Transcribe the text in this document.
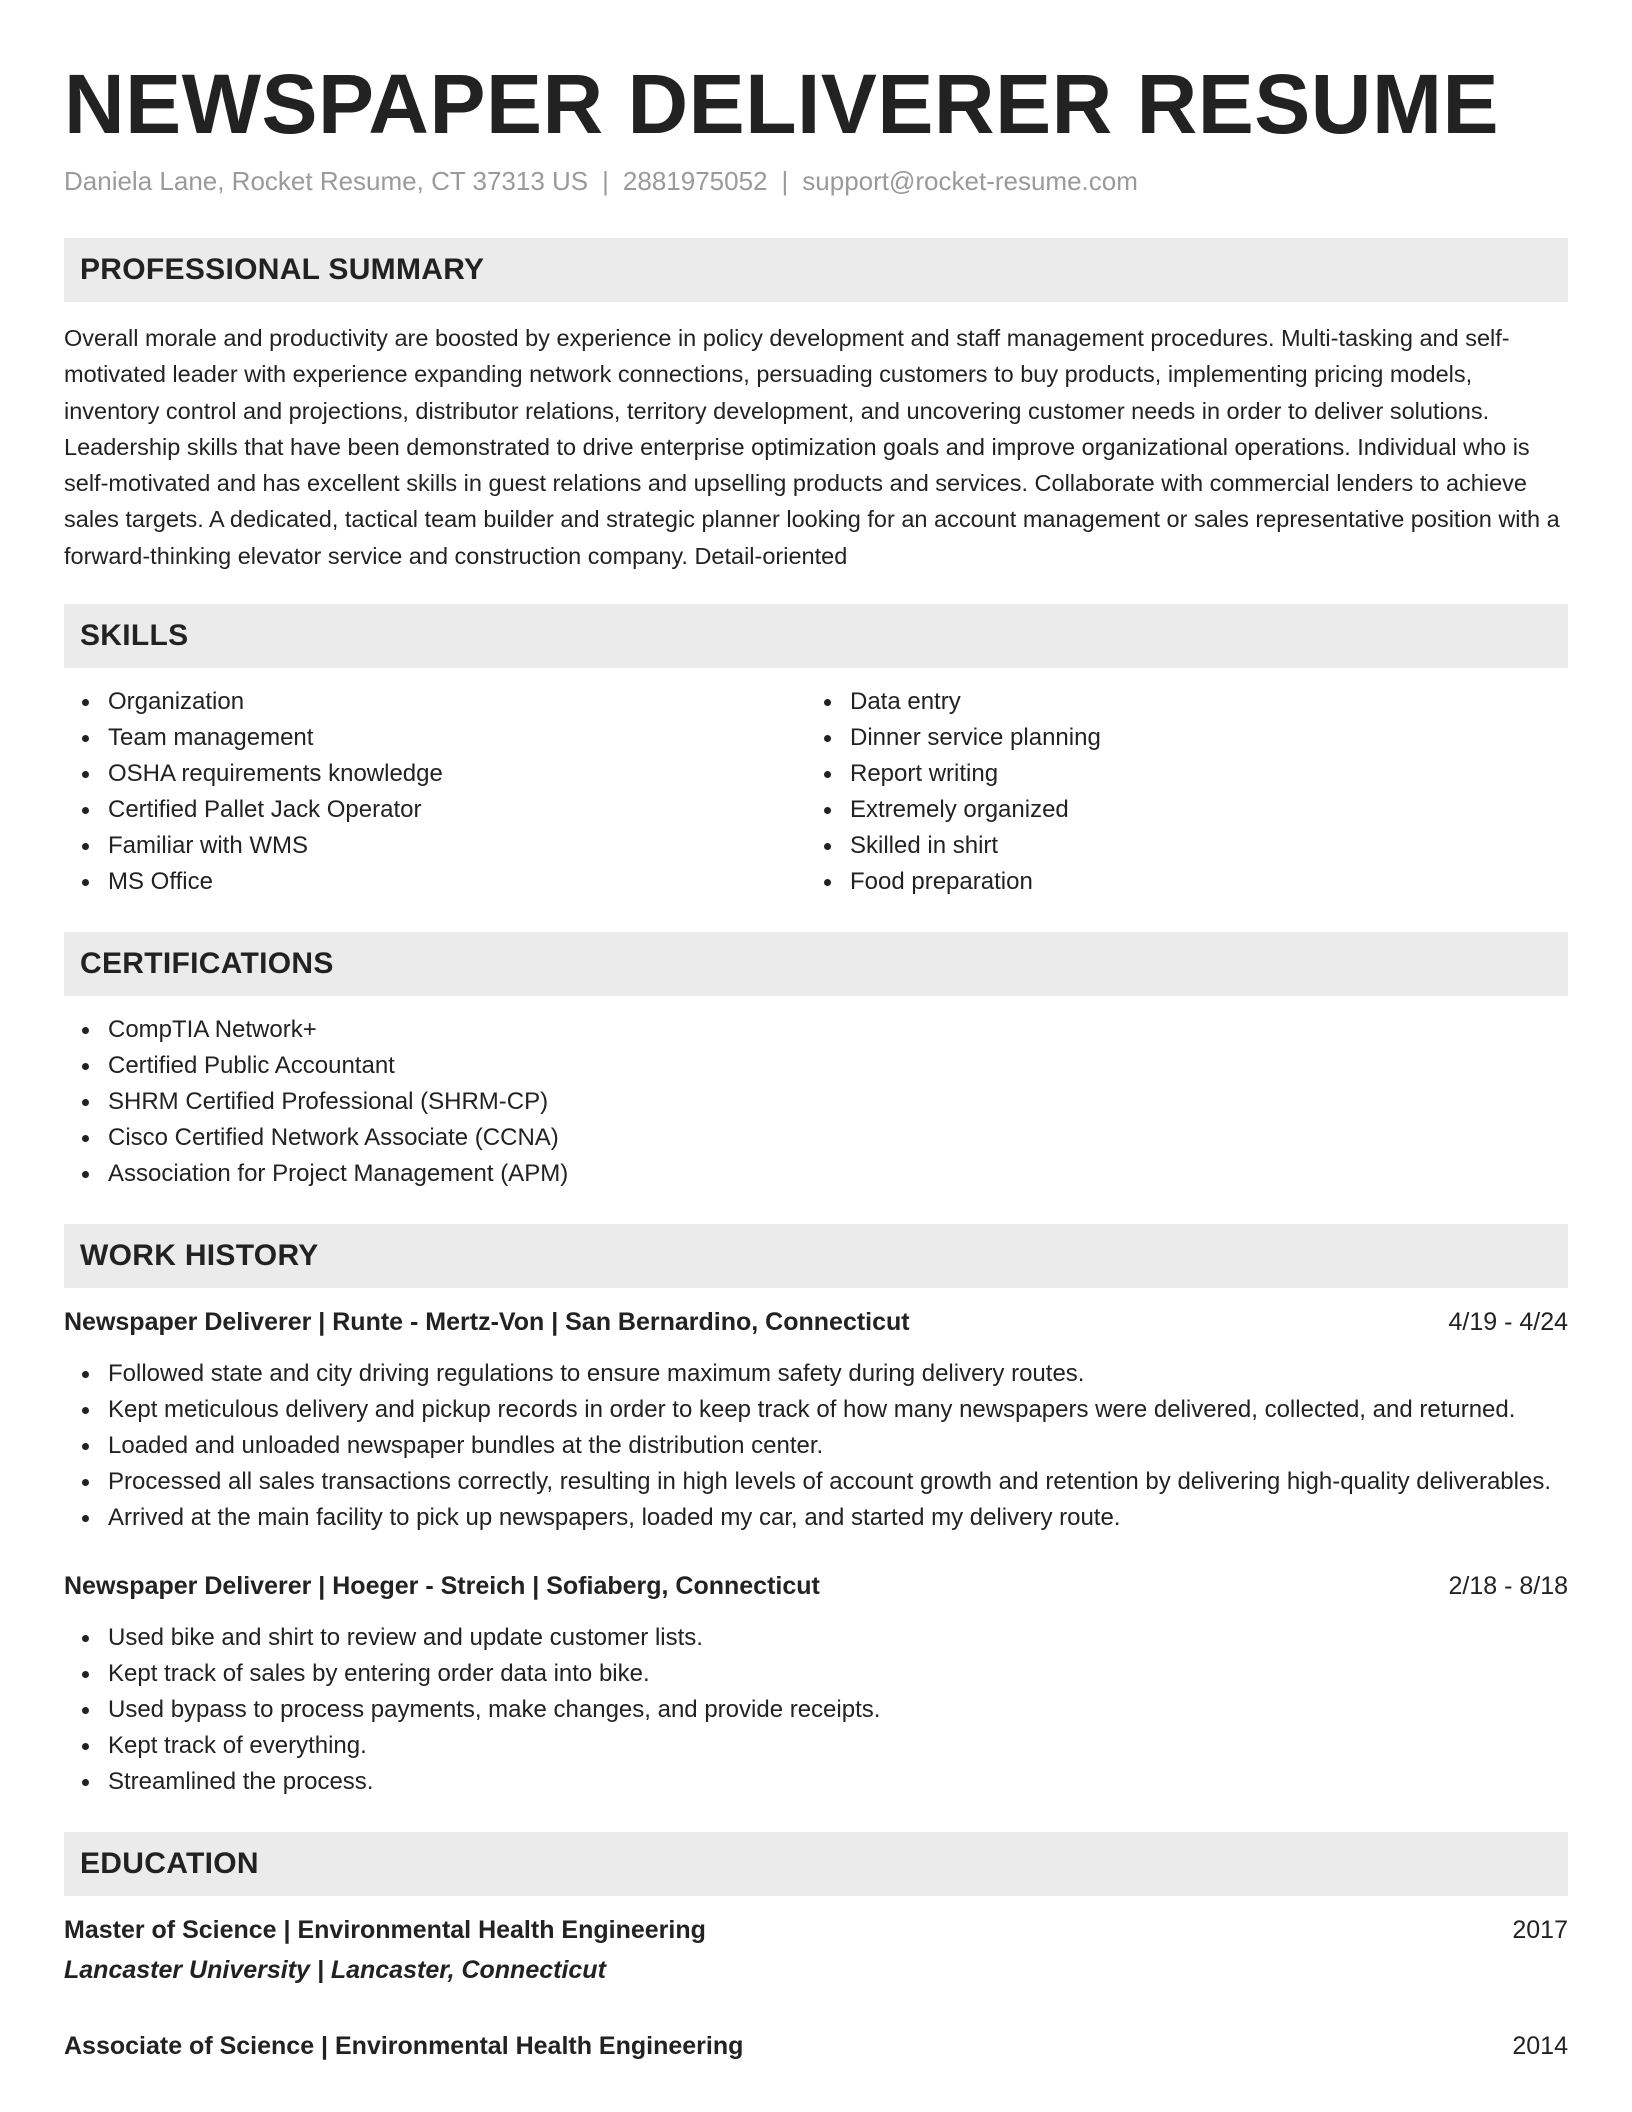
NEWSPAPER DELIVERER RESUME
Daniela Lane, Rocket Resume, CT 37313 US | 2881975052 | support@rocket-resume.com
PROFESSIONAL SUMMARY

Overall morale and productivity are boosted by experience in policy development and staff management procedures. Multi-tasking and self-motivated leader with experience expanding network connections, persuading customers to buy products, implementing pricing models, inventory control and projections, distributor relations, territory development, and uncovering customer needs in order to deliver solutions. Leadership skills that have been demonstrated to drive enterprise optimization goals and improve organizational operations. Individual who is self-motivated and has excellent skills in guest relations and upselling products and services. Collaborate with commercial lenders to achieve sales targets. A dedicated, tactical team builder and strategic planner looking for an account management or sales representative position with a forward-thinking elevator service and construction company. Detail-oriented

SKILLS
Organization
Team management
OSHA requirements knowledge
Certified Pallet Jack Operator
Familiar with WMS
MS Office
Data entry
Dinner service planning
Report writing
Extremely organized
Skilled in shirt
Food preparation
CERTIFICATIONS
CompTIA Network+
Certified Public Accountant
SHRM Certified Professional (SHRM-CP)
Cisco Certified Network Associate (CCNA)
Association for Project Management (APM)
WORK HISTORY
Newspaper Deliverer | Runte - Mertz-Von | San Bernardino, Connecticut	4/19 - 4/24
Followed state and city driving regulations to ensure maximum safety during delivery routes.
Kept meticulous delivery and pickup records in order to keep track of how many newspapers were delivered, collected, and returned.
Loaded and unloaded newspaper bundles at the distribution center.
Processed all sales transactions correctly, resulting in high levels of account growth and retention by delivering high-quality deliverables.
Arrived at the main facility to pick up newspapers, loaded my car, and started my delivery route.
Newspaper Deliverer | Hoeger - Streich | Sofiaberg, Connecticut	2/18 - 8/18
Used bike and shirt to review and update customer lists.
Kept track of sales by entering order data into bike.
Used bypass to process payments, make changes, and provide receipts.
Kept track of everything.
Streamlined the process.
EDUCATION
Master of Science | Environmental Health Engineering	2017
Lancaster University | Lancaster, Connecticut
Associate of Science | Environmental Health Engineering	2014
